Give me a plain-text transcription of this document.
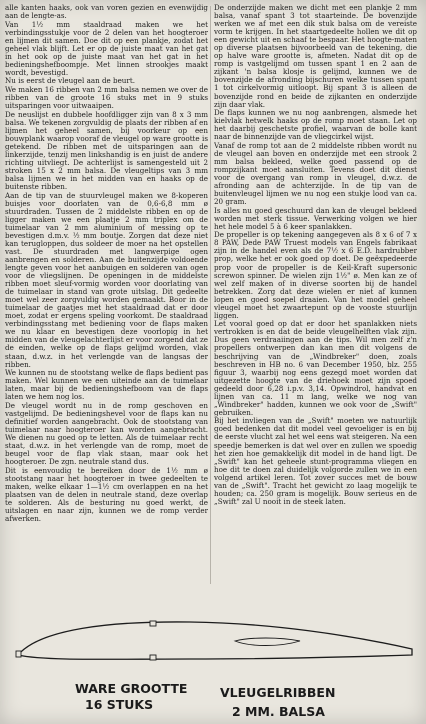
alle kanten haaks, ook van voren gezien en evenwijdig aan de lengte-as.

Van 1½ mm staaldraad maken we het verbindingsstukje voor de 2 delen van het hoogteroer en lijmen dit samen. Doe dit op een plankje, zodat het geheel vlak blijft. Let er op de juiste maat van het gat in het ook op de juiste maat van het gat in het bedieningshefboompje. Met linnen strookjes maakt wordt, bevestigd.

Nu is eerst de vleugel aan de beurt.

We maken 16 ribben van 2 mm balsa nemen we over de ribben van de groote 16 stuks met in 9 stuks uitsparingen voor uitwaaipen.

De neuslijst en dubbele hoofdligger zijn van 8 x 3 mm balsa. We tekenen zorgvuldig de plaats der ribben af en lijmen het geheel samen, bij voorkeur op een bouwplank waarop vooraf de vleugel op ware grootte is getekend. De ribben met de uitsparingen aan de linkerzijde, tenzij men linkshandig is en juist de andere richting uitvliegt. De achterlijst is samengesteld uit 2 stroken 15 x 2 mm balsa. De vleugeltips van 3 mm balsa lijmen we in het midden van en haaks op de buitenste ribben.

Aan de tip van de stuurvleugel maken we 8-koperen buisjes voor doorlaten van de 0,6-6,8 mm ø stuurdraden. Tussen de 2 middelste ribben en op de ligger maken we een plaatje 2 mm triplex om de tuimelaar van 2 mm aluminium of messing op te bevestigen d.m.v. ½ mm boutje. Zorgen dat deze niet kan terugloppen, dus soldeer de moer na het opstellen vast. De stuurdraden met langwerpige ogen aanbrengen en solderen. Aan de buitenzijde voldoende lengte geven voor het aanbuigen en solderen van ogen voor de vliegslijnen. De openingen in de middelste ribben moet sleuf-vormig worden voor doorlating van de tuimelaar in stand van grote uitslag. Dit gedeelte moet wel zeer zorgvuldig worden gemaakt. Boor in de tuimelaar de gaatjes met het staaldraad dat er door moet, zodat er ergens speling voorkomt. De staaldraad verbindingsstang met bediening voor de flaps maken we nu klaar en bevestigen deze voorlopig in het midden van de vleugelachterlijst er voor zorgend dat ze de einden, welke op de flaps gelijmd worden, vlak staan, d.w.z. in het verlengde van de langsas der ribben.

We kunnen nu de stootstang welke de flaps bedient pas maken. Wel kunnen we een uiteinde aan de tuimelaar laten, maar bij de bedieningshefboom van de flaps laten we hem nog los.

De vleugel wordt nu in de romp geschoven en vastgelijmd. De bedieningshevel voor de flaps kan nu definitief worden aangebracht. Ook de stootstang van tuimelaar naar hoogteroer kan worden aangebracht. We dienen nu goed op te letten. Als de tuimelaar recht staat, d.w.z. in het verlengde van de romp, moet de beugel voor de flap vlak staan, maar ook het hoogteroer. De zgn. neutrale stand dus.

Dit is eenvoudig te bereiken door de 1½ mm ø stootstang naar het hoogteroer in twee gedeelten te maken, welke elkaar 1—1½ cm overlappen en na het plaatsen van de delen in neutrale stand, deze overlap te solderen. Als de besturing nu goed werkt, de uitslagen en naar zijn, kunnen we de romp verder afwerken.

De onderzijde maken we dicht met een plankje 2 mm balsa, vanaf spant 3 tot staarteinde. De bovenzijde werken we af met een dik stuk balsa om de vereiste vorm te krijgen. In het staartgedeelte hollen we dit op een gewicht uit en schaaf te bespaar. Het hoogte-maten op diverse plaatsen bijvoorbeeld van de tekening, die op halve ware grootte is, afmeten. Nadat dit op de romp is vastgelijmd om tussen spant 1 en 2 aan de zijkant 'n balsa klosje is gelijmd, kunnen we de bovenzijde de afronding bijschuren welke tussen spant 1 tot cirkelvormig uitloopt. Bij spant 3 is alleen de bovenzijde rond en beide de zijkanten en onderzijde zijn daar vlak.

De flaps kunnen we nu nog aanbrengen, alsmede het kielvlak hetwelk haaks op de romp moet staan. Let op het daarbij geschetste profiel, waarvan de bolle kant naar de binnenzijde van de vliegcirkel wijst.

Vanaf de romp tot aan de 2 middelste ribben wordt nu de vleugel aan boven en onderzijde met een strook 2 mm balsa bekleed, welke goed passend op de rompzijkant moet aansluiten. Tevens doet dit dienst voor de overgang van romp in vleugel, d.w.z. de afronding aan de achterzijde. In de tip van de buitenvleugel lijmen we nu nog een stukje lood van ca. 20 gram.

Is alles nu goed geschuurd dan kan de vleugel bekleed worden met sterk tissue. Verwerking volgen we hier het hele model 5 à 6 keer spanlakken.

De propeller is op tekening aangegeven als 8 x 6 of 7 x 8 PAW, Dede PAW Truest models van Engels fabrikaat zijn in de handel even als de 7½ x 6 E.D. hardrubber prop, welke het er ook goed op doet. De geëxpedeerde prop voor de propeller is de Keil-Kraft supersonic screwon spinner. De wielen zijn 1½" ø. Men kan ze of wel zelf maken of in diverse soorten bij de handel betrekken. Zorg dat deze wielen er niet af kunnen lopen en goed soepel draaien. Van het model geheel vleugel moet het zwaartepunt op de vooste stuurlijn liggen.

Let vooral goed op dat er door het spanlakken niets vertrokken is en dat de beide vleugelhelften vlak zijn. Dus geen verdraaiingen aan de tips. Wil men zelf z'n propellers ontwerpen dan kan men dit volgens de beschrijving van de „Windbreker" doen, zoals beschreven in HB no. 6 van December 1950, blz. 255 figuur 3, waarbij nog eens gezegd moet worden dat uitgezette hoogte van de driehoek moet zijn spoed gedeeld door 6,28 i.p.v. 3,14. Opwindrol, handvat en lijnen van ca. 11 m lang, welke we nog van „Windbreker" hadden, kunnen we ook voor de „Swift" gebruiken.

Bij het invliegen van de „Swift" moeten we natuurlijk goed bedenken dat dit model veel gevoeliger is en bij de eerste vlucht zal het wel eens wat steigeren. Na een speedje bemerken is dat wel over en zullen we spoedig het zien hoe gemakkelijk dit model in de hand ligt. De „Swift" kan het geheele stunt-programma vliegen en hoe dit te doen zal duidelijk volgorde zullen we in een volgend artikel leren. Tot zover succes met de bouw van de „Swift". Tracht het gewicht zo laag mogelijk te houden; ca. 250 gram is mogelijk. Bouw serieus en de „Swift" zal U nooit in de steek laten.

WARE GROOTTE
16 STUKS
VLEUGELRIBBEN
2 MM. BALSA
